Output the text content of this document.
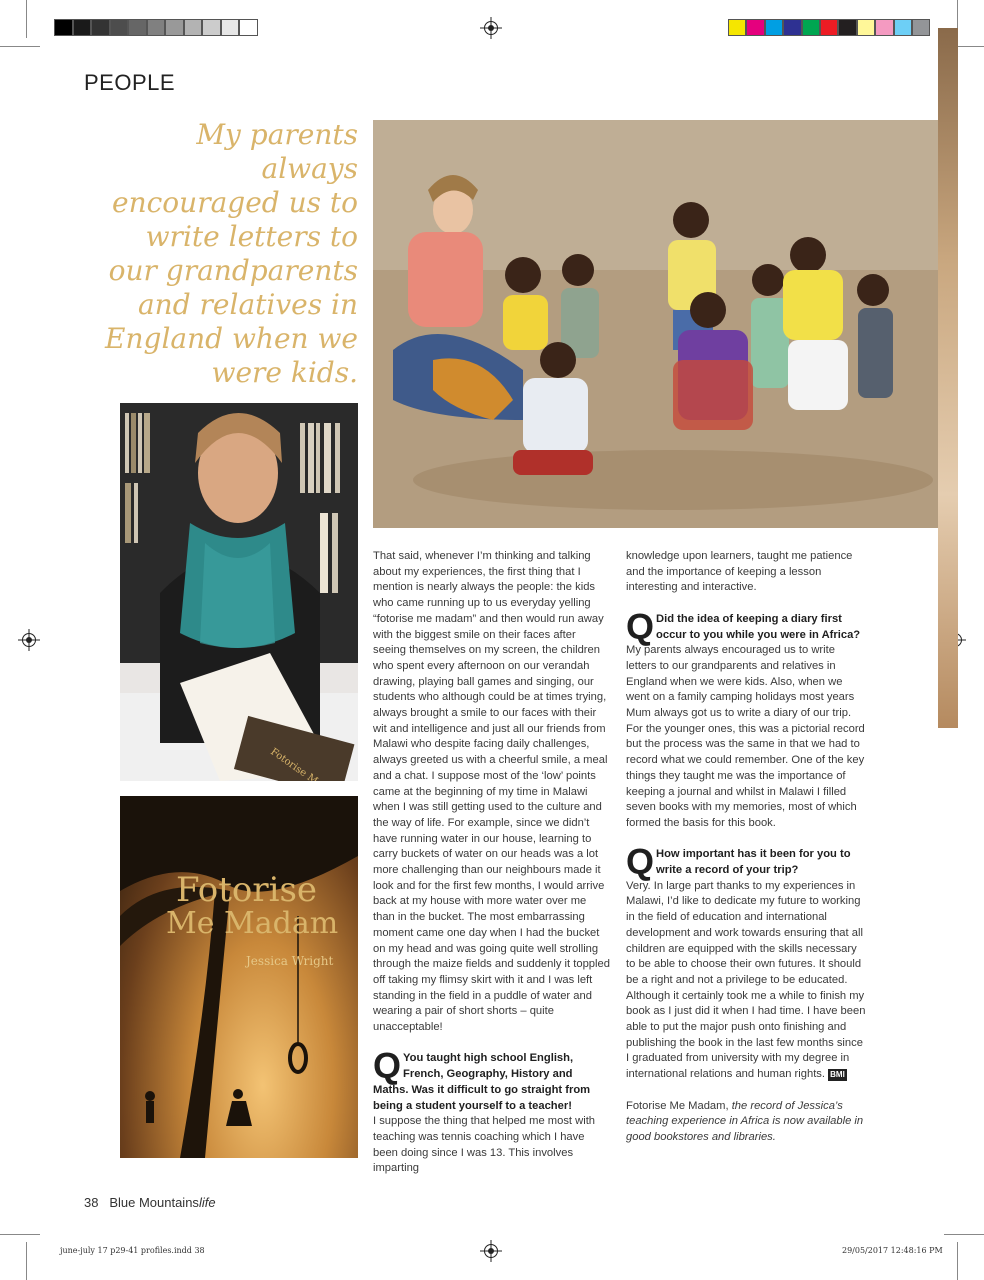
PEOPLE
My parents always encouraged us to write letters to our grandparents and relatives in England when we were kids.
Fotorise
Fotorise
Me Madam
Jessica Wright

That said, whenever I’m thinking and talking about my experiences, the first thing that I mention is nearly always the people: the kids who came running up to us everyday yelling “fotorise me madam” and then would run away with the biggest smile on their faces after seeing themselves on my screen, the children who spent every afternoon on our verandah drawing, playing ball games and singing, our students who although could be at times trying, always brought a smile to our faces with their wit and intelligence and just all our friends from Malawi who despite facing daily challenges, always greeted us with a cheerful smile, a meal and a chat. I suppose most of the ‘low’ points came at the beginning of my time in Malawi when I was still getting used to the culture and the way of life. For example, since we didn’t have running water in our house, learning to carry buckets of water on our heads was a lot more challenging than our neighbours made it look and for the first few months, I would arrive back at my house with more water over me than in the bucket. The most embarrassing moment came one day when I had the bucket on my head and was going quite well strolling through the maize fields and suddenly it toppled off taking my flimsy skirt with it and I was left standing in the field in a puddle of water and wearing a pair of short shorts – quite unacceptable!

Q You taught high school English, French, Geography, History and Maths. Was it difficult to go straight from being a student yourself to a teacher!

I suppose the thing that helped me most with teaching was tennis coaching which I have been doing since I was 13. This involves imparting

knowledge upon learners, taught me patience and the importance of keeping a lesson interesting and interactive.

Q Did the idea of keeping a diary first occur to you while you were in Africa?

My parents always encouraged us to write letters to our grandparents and relatives in England when we were kids. Also, when we went on a family camping holidays most years Mum always got us to write a diary of our trip. For the younger ones, this was a pictorial record but the process was the same in that we had to record what we could remember. One of the key things they taught me was the importance of keeping a journal and whilst in Malawi I filled seven books with my memories, most of which formed the basis for this book.

Q How important has it been for you to write a record of your trip?

Very. In large part thanks to my experiences in Malawi, I’d like to dedicate my future to working in the field of education and international development and work towards ensuring that all children are equipped with the skills necessary to be able to choose their own futures. It should be a right and not a privilege to be educated. Although it certainly took me a while to finish my book as I just did it when I had time. I have been able to put the major push onto finishing and publishing the book in the last few months since I graduated from university with my degree in international relations and human rights. BMl

Fotorise Me Madam, the record of Jessica’s teaching experience in Africa is now available in good bookstores and libraries.

38 Blue Mountainslife
june-july 17 p29-41 profiles.indd 38	29/05/2017 12:48:16 PM
